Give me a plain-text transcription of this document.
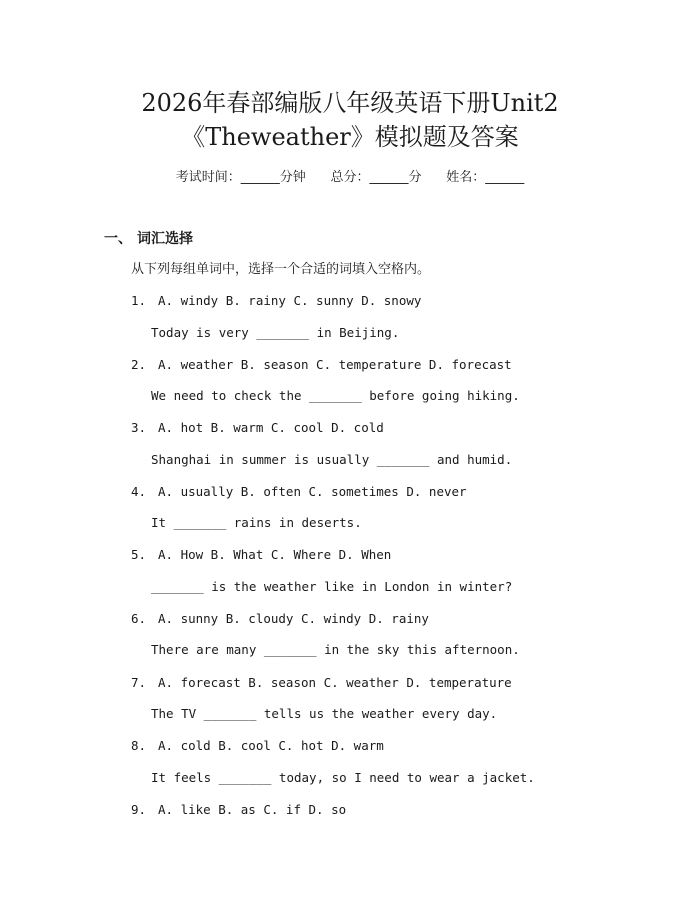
2026年春部编版八年级英语下册Unit2
《Theweather》模拟题及答案
考试时间：______分钟      总分：______分      姓名：______
一、 词汇选择
从下列每组单词中，选择一个合适的词填入空格内。
1. A. windy B. rainy C. sunny D. snowy
Today is very _______ in Beijing.
2. A. weather B. season C. temperature D. forecast
We need to check the _______ before going hiking.
3. A. hot B. warm C. cool D. cold
Shanghai in summer is usually _______ and humid.
4. A. usually B. often C. sometimes D. never
It _______ rains in deserts.
5. A. How B. What C. Where D. When
_______ is the weather like in London in winter?
6. A. sunny B. cloudy C. windy D. rainy
There are many _______ in the sky this afternoon.
7. A. forecast B. season C. weather D. temperature
The TV _______ tells us the weather every day.
8. A. cold B. cool C. hot D. warm
It feels _______ today, so I need to wear a jacket.
9. A. like B. as C. if D. so
